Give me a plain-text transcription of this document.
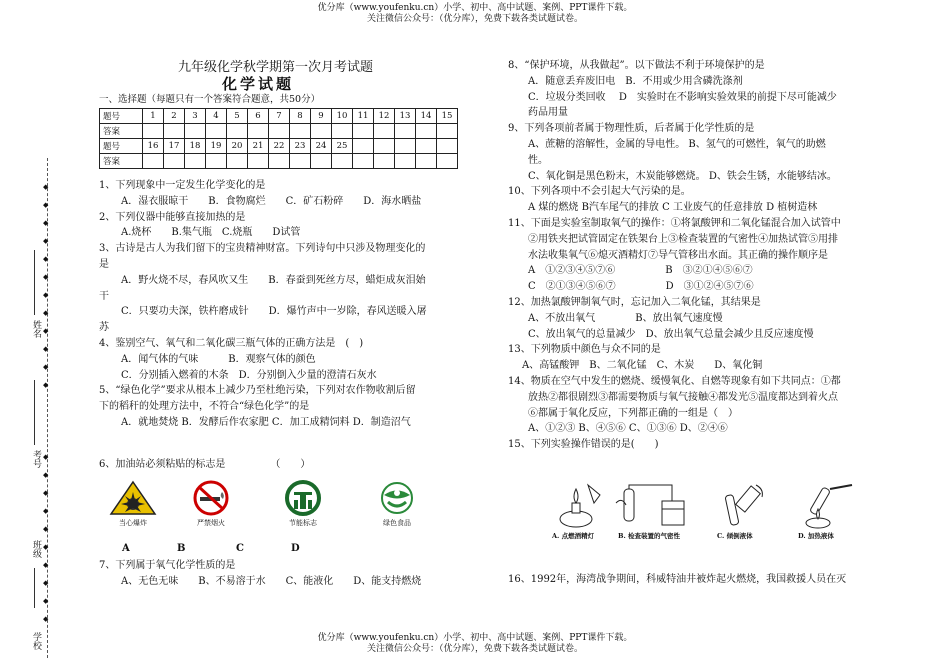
优分库（www.youfenku.cn）小学、初中、高中试题、案例、PPT课件下载。
关注微信公众号：（优分库），免费下载各类试题试卷。
优分库（www.youfenku.cn）小学、初中、高中试题、案例、PPT课件下载。
关注微信公众号：（优分库），免费下载各类试题试卷。
◆

◆

◆

◆

◆

◆

◆

◆

◆

◆

◆

◆
◆

◆

◆

◆

◆

◆

◆

◆

◆

◆
姓名
考号
班级
学校
九年级化学秋学期第一次月考试题
化学试题
一、选择题（每题只有一个答案符合题意，共50分）
题号	1	2	3	4	5	6	7	8	9	10	11	12	13	14	15
答案															
题号	16	17	18	19	20	21	22	23	24	25					
答案															

1、下列现象中一定发生化学变化的是

A．湿衣服晾干　　B．食物腐烂　　C．矿石粉碎　　D．海水晒盐

2、下列仪器中能够直接加热的是

A.烧杯　　B.集气瓶　C.烧瓶　　D试管

3、古诗是古人为我们留下的宝贵精神财富。下列诗句中只涉及物理变化的

是

A．野火烧不尽，春风吹又生　　B．春蚕到死丝方尽，蜡炬成灰泪始

干

C．只要功夫深，铁杵磨成针　　D．爆竹声中一岁除，春风送暖入屠

苏

4、鉴别空气、氧气和二氧化碳三瓶气体的正确方法是　(　)

A．闻气体的气味　　　B．观察气体的颜色

C．分别插入燃着的木条　D．分别倒入少量的澄清石灰水

5、“绿色化学”要求从根本上减少乃至杜绝污染，下列对农作物收割后留

下的稻秆的处理方法中，不符合“绿色化学”的是

A．就地焚烧 B．发酵后作农家肥 C．加工成精饲料 D．制造沼气

6、加油站必须粘贴的标志是　　　　　（　　）
当心爆炸	严禁烟火	节能标志	绿色食品
A	B	C	D
7、下列属于氧气化学性质的是
A、无色无味　　B、不易溶于水　　C、能液化　　D、能支持燃烧

8、“保护环境，从我做起”。以下做法不利于环境保护的是

A．随意丢弃废旧电　B．不用或少用含磷洗涤剂

C．垃圾分类回收　 D　实验时在不影响实验效果的前提下尽可能减少

药品用量

9、下列各项前者属于物理性质，后者属于化学性质的是

A、蔗糖的溶解性，金属的导电性。 B、氢气的可燃性，氧气的助燃

性。

C、氧化铜是黑色粉末，木炭能够燃烧。 D、铁会生锈，水能够结冰。

10、下列各项中不会引起大气污染的是。

A 煤的燃烧 B汽车尾气的排放 C 工业废气的任意排放 D 植树造林

11、下面是实验室制取氧气的操作：①将氯酸钾和二氧化锰混合加入试管中

②用铁夹把试管固定在铁架台上③检查装置的气密性④加热试管⑤用排

水法收集氧气⑥熄灭酒精灯⑦导气管移出水面。其正确的操作顺序是

A　①②③④⑤⑦⑥　　　　　B　③②①④⑤⑥⑦

C　②①③④⑤⑥⑦　　　　　D　③①②④⑤⑦⑥

12、加热氯酸钾制氧气时，忘记加入二氧化锰，其结果是

A、不放出氧气　　　　B、放出氧气速度慢

C、放出氧气的总量减少　D、放出氧气总量会减少且反应速度慢

13、下列物质中颜色与众不同的是

A、高锰酸钾　B、二氧化锰　C、木炭　　D、氧化铜

14、物质在空气中发生的燃烧、缓慢氧化、自燃等现象有如下共同点：①都

放热②都很剧烈③都需要物质与氧气接触④都发光⑤温度都达到着火点

⑥都属于氧化反应，下列都正确的一组是（　）

A、①②③ B、④⑤⑥ C、①③⑥ D、②④⑥

15、下列实验操作错误的是(　　)

A. 点燃酒精灯	B. 检查装置的气密性	C. 倾倒液体	D. 加热液体
16、1992年，海湾战争期间，科威特油井被炸起火燃烧，我国救援人员在灭
